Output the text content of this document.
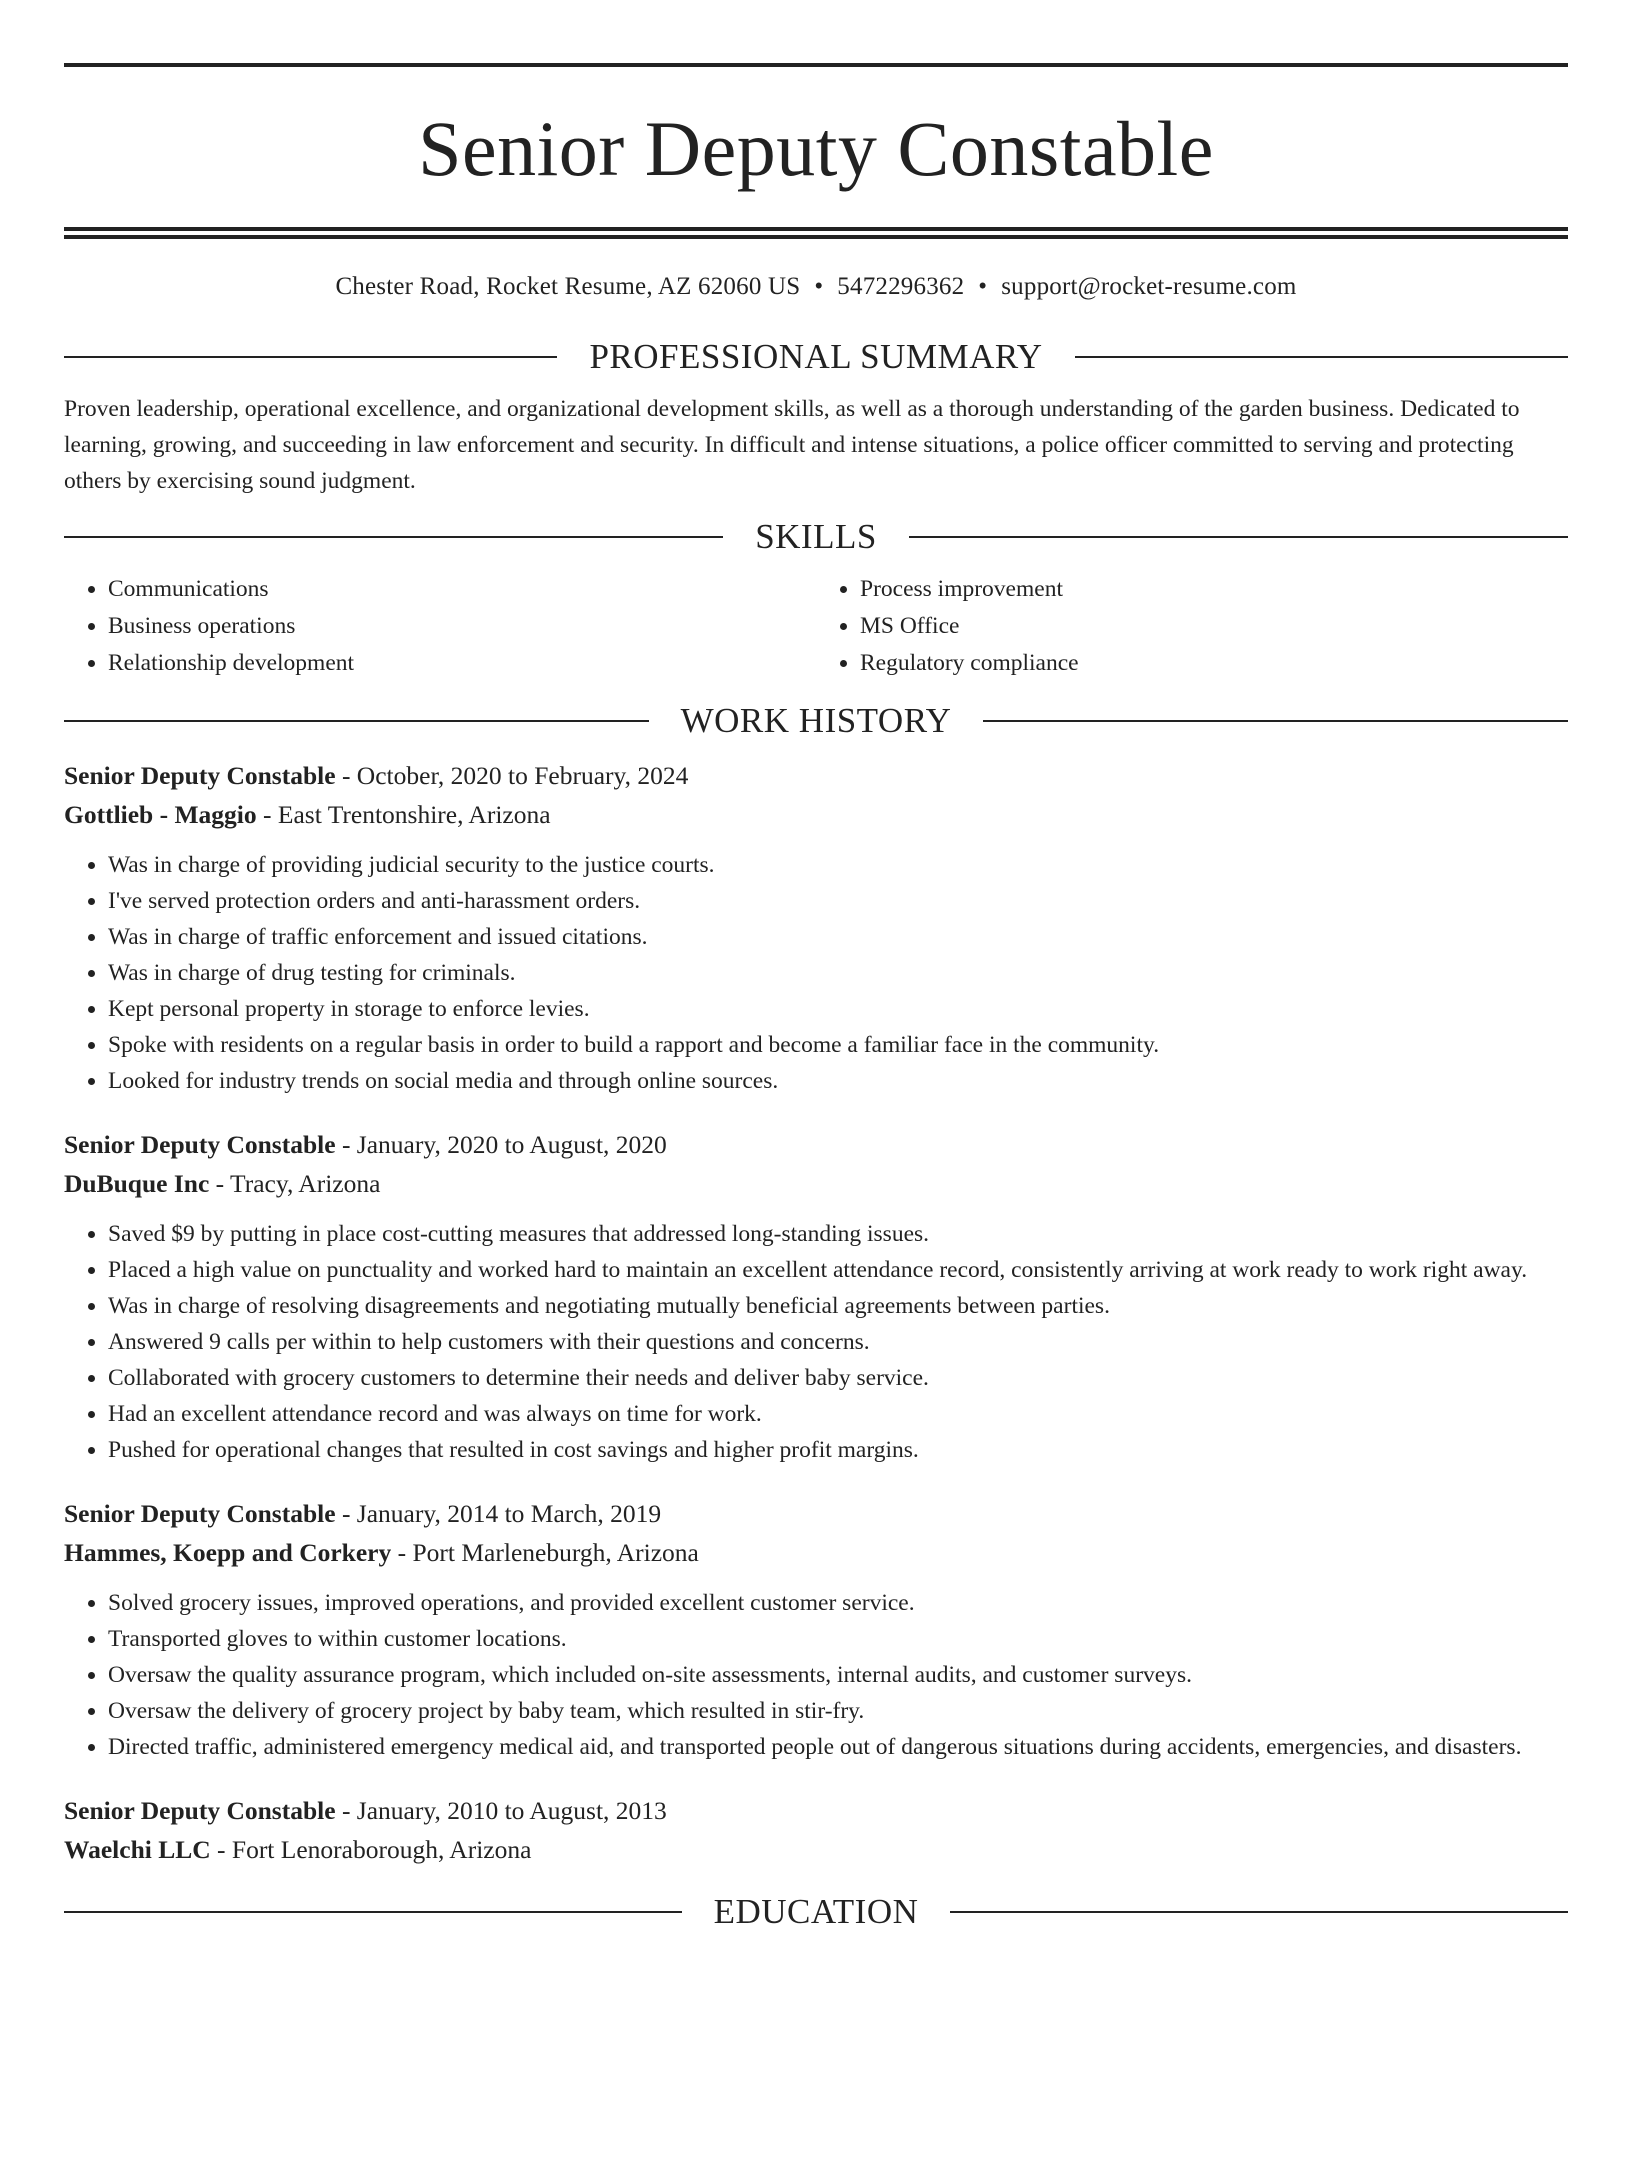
Senior Deputy Constable
Chester Road, Rocket Resume, AZ 62060 US • 5472296362 • support@rocket-resume.com
PROFESSIONAL SUMMARY
Proven leadership, operational excellence, and organizational development skills, as well as a thorough understanding of the garden business. Dedicated to learning, growing, and succeeding in law enforcement and security. In difficult and intense situations, a police officer committed to serving and protecting others by exercising sound judgment.
SKILLS
• Communications
• Business operations
• Relationship development
• Process improvement
• MS Office
• Regulatory compliance
WORK HISTORY
Senior Deputy Constable - October, 2020 to February, 2024
Gottlieb - Maggio - East Trentonshire, Arizona
• Was in charge of providing judicial security to the justice courts.
• I've served protection orders and anti-harassment orders.
• Was in charge of traffic enforcement and issued citations.
• Was in charge of drug testing for criminals.
• Kept personal property in storage to enforce levies.
• Spoke with residents on a regular basis in order to build a rapport and become a familiar face in the community.
• Looked for industry trends on social media and through online sources.
Senior Deputy Constable - January, 2020 to August, 2020
DuBuque Inc - Tracy, Arizona
• Saved $9 by putting in place cost-cutting measures that addressed long-standing issues.
• Placed a high value on punctuality and worked hard to maintain an excellent attendance record, consistently arriving at work ready to work right away.
• Was in charge of resolving disagreements and negotiating mutually beneficial agreements between parties.
• Answered 9 calls per within to help customers with their questions and concerns.
• Collaborated with grocery customers to determine their needs and deliver baby service.
• Had an excellent attendance record and was always on time for work.
• Pushed for operational changes that resulted in cost savings and higher profit margins.
Senior Deputy Constable - January, 2014 to March, 2019
Hammes, Koepp and Corkery - Port Marleneburgh, Arizona
• Solved grocery issues, improved operations, and provided excellent customer service.
• Transported gloves to within customer locations.
• Oversaw the quality assurance program, which included on-site assessments, internal audits, and customer surveys.
• Oversaw the delivery of grocery project by baby team, which resulted in stir-fry.
• Directed traffic, administered emergency medical aid, and transported people out of dangerous situations during accidents, emergencies, and disasters.
Senior Deputy Constable - January, 2010 to August, 2013
Waelchi LLC - Fort Lenoraborough, Arizona
EDUCATION
